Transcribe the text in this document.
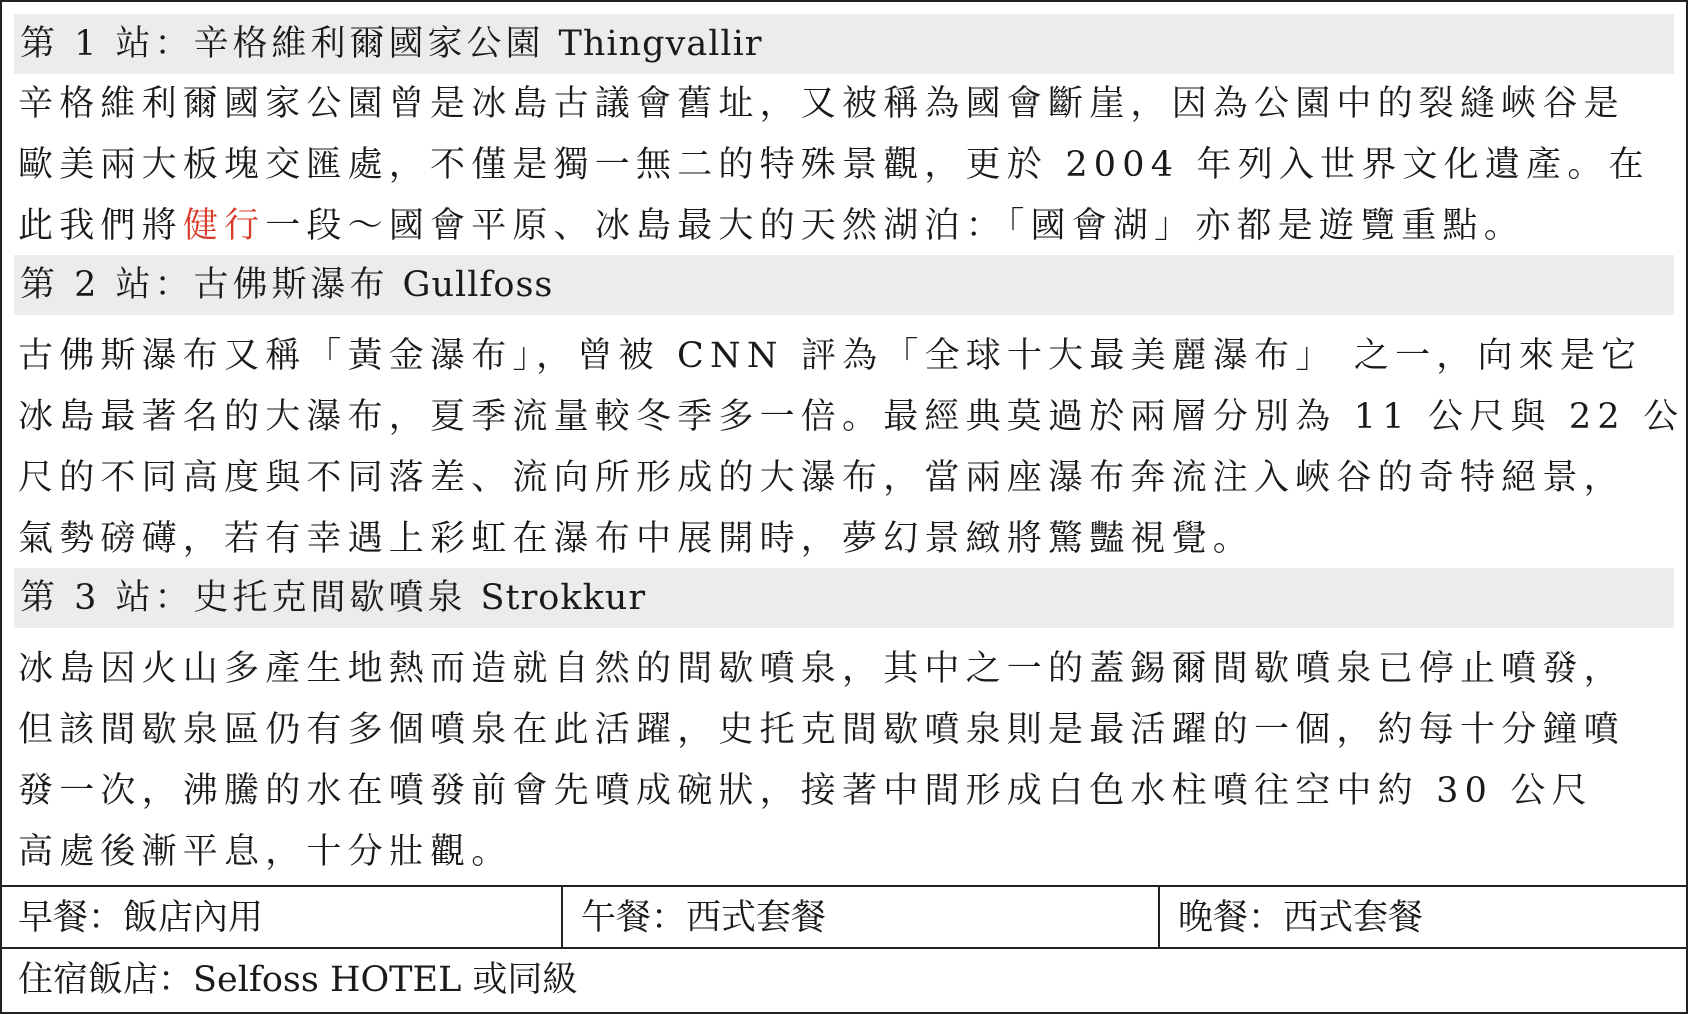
第 1 站：辛格維利爾國家公園 Thingvallir

辛格維利爾國家公園曾是冰島古議會舊址，又被稱為國會斷崖，因為公園中的裂縫峽谷是
歐美兩大板塊交匯處，不僅是獨一無二的特殊景觀，更於 2004 年列入世界文化遺產。在
此我們將健行一段～國會平原、冰島最大的天然湖泊：「國會湖」亦都是遊覽重點。

第 2 站：古佛斯瀑布 Gullfoss

古佛斯瀑布又稱「黃金瀑布」，曾被 CNN 評為「全球十大最美麗瀑布」 之一，向來是它
冰島最著名的大瀑布，夏季流量較冬季多一倍。最經典莫過於兩層分別為 11 公尺與 22 公
尺的不同高度與不同落差、流向所形成的大瀑布，當兩座瀑布奔流注入峽谷的奇特絕景，
氣勢磅礡，若有幸遇上彩虹在瀑布中展開時，夢幻景緻將驚豔視覺。

第 3 站：史托克間歇噴泉 Strokkur

冰島因火山多產生地熱而造就自然的間歇噴泉，其中之一的蓋錫爾間歇噴泉已停止噴發，
但該間歇泉區仍有多個噴泉在此活躍，史托克間歇噴泉則是最活躍的一個，約每十分鐘噴
發一次，沸騰的水在噴發前會先噴成碗狀，接著中間形成白色水柱噴往空中約 30 公尺
高處後漸平息，十分壯觀。

早餐：飯店內用	午餐：西式套餐	晚餐：西式套餐
住宿飯店：Selfoss HOTEL 或同級
